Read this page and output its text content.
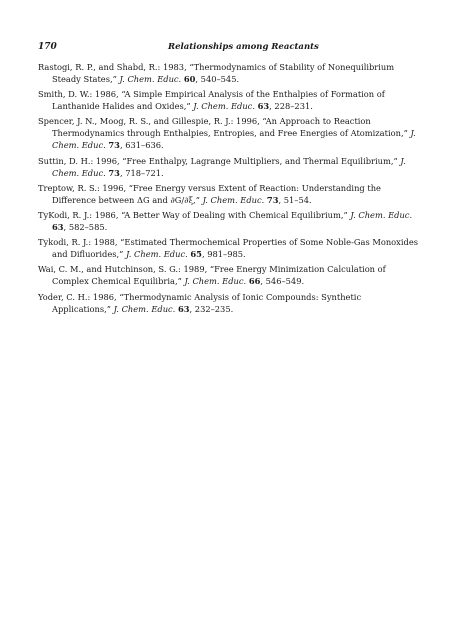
170	Relationships among Reactants

Rastogi, R. P., and Shabd, R.: 1983, “Thermodynamics of Stability of Nonequilibrium Steady States,” J. Chem. Educ. 60, 540–545.

Smith, D. W.: 1986, “A Simple Empirical Analysis of the Enthalpies of Formation of Lanthanide Halides and Oxides,” J. Chem. Educ. 63, 228–231.

Spencer, J. N., Moog, R. S., and Gillespie, R. J.: 1996, “An Approach to Reaction Thermodynamics through Enthalpies, Entropies, and Free Energies of Atomization,” J. Chem. Educ. 73, 631–636.

Suttin, D. H.: 1996, “Free Enthalpy, Lagrange Multipliers, and Thermal Equilibrium,” J. Chem. Educ. 73, 718–721.

Treptow, R. S.: 1996, “Free Energy versus Extent of Reaction: Understanding the Difference between ΔG and ∂G/∂ξ,” J. Chem. Educ. 73, 51–54.

TyKodi, R. J.: 1986, “A Better Way of Dealing with Chemical Equilibrium,” J. Chem. Educ. 63, 582–585.

Tykodi, R. J.: 1988, “Estimated Thermochemical Properties of Some Noble-Gas Monoxides and Difluorides,” J. Chem. Educ. 65, 981–985.

Wai, C. M., and Hutchinson, S. G.: 1989, “Free Energy Minimization Calculation of Complex Chemical Equilibria,” J. Chem. Educ. 66, 546–549.

Yoder, C. H.: 1986, “Thermodynamic Analysis of Ionic Compounds: Synthetic Applications,” J. Chem. Educ. 63, 232–235.
